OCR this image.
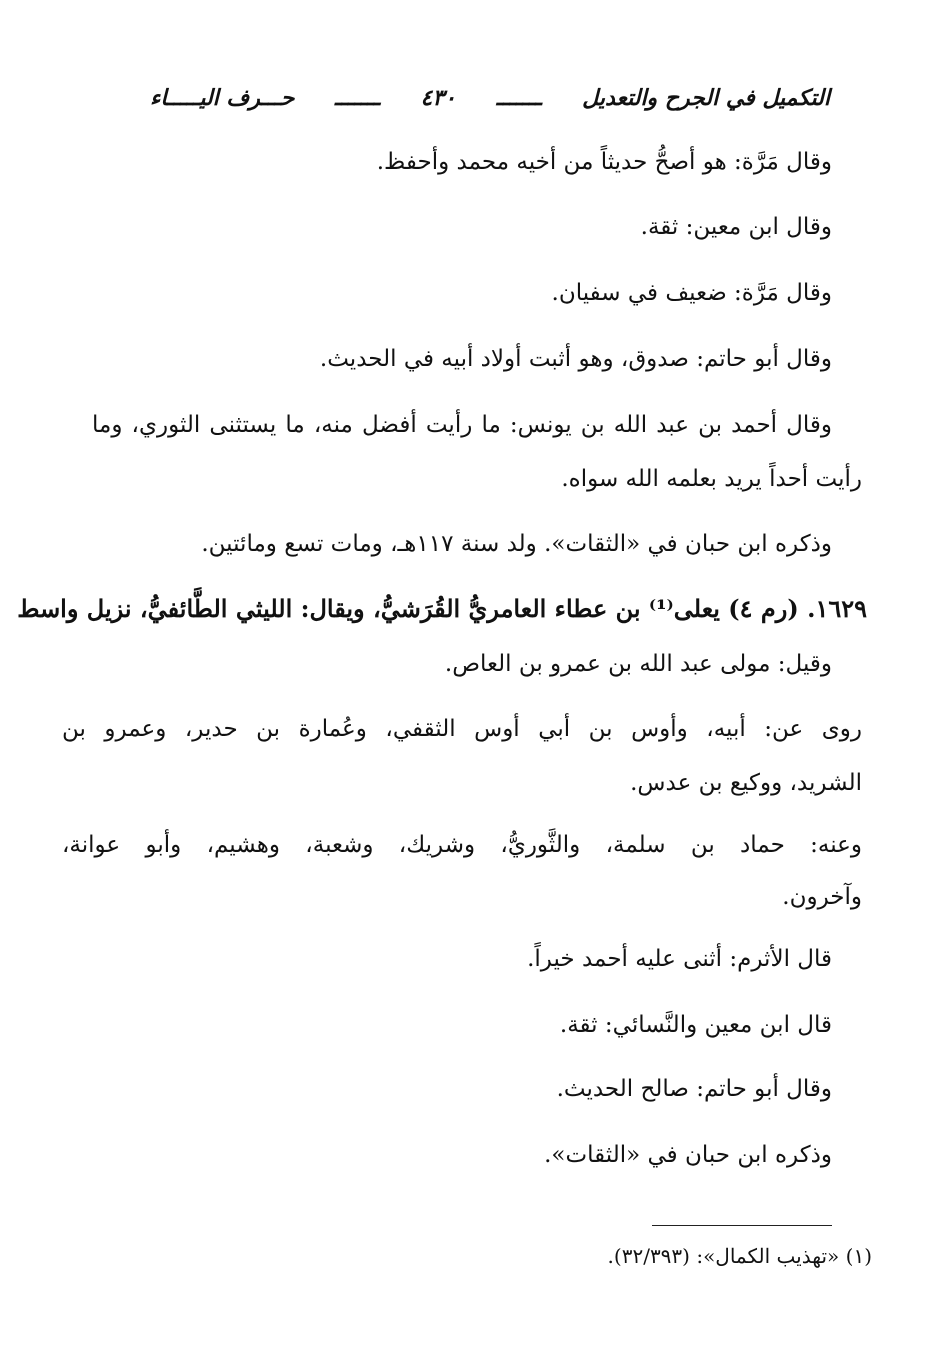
التكميل في الجرح والتعديل
ـــــــ
٤٣٠
ـــــــ
حـــرف اليـــــاء
وقال مَرَّة: هو أصحُّ حديثاً من أخيه محمد وأحفظ.
وقال ابن معين: ثقة.
وقال مَرَّة: ضعيف في سفيان.
وقال أبو حاتم: صدوق، وهو أثبت أولاد أبيه في الحديث.
وقال أحمد بن عبد الله بن يونس: ما رأيت أفضل منه، ما يستثنى الثوري، وما
رأيت أحداً يريد بعلمه الله سواه.
وذكره ابن حبان في «الثقات». ولد سنة ١١٧هـ، ومات تسع ومائتين.
١٦٢٩. (رم ٤) يعلى⁽¹⁾ بن عطاء العامريُّ القُرَشيُّ، ويقال: الليثي الطَّائفيُّ، نزيل واسط
وقيل: مولى عبد الله بن عمرو بن العاص.
روى عن: أبيه، وأوس بن أبي أوس الثقفي، وعُمارة بن حدير، وعمرو بن
الشريد، ووكيع بن عدس.
وعنه: حماد بن سلمة، والثَّوريُّ، وشريك، وشعبة، وهشيم، وأبو عوانة،
وآخرون.
قال الأثرم: أثنى عليه أحمد خيراً.
قال ابن معين والنَّسائي: ثقة.
وقال أبو حاتم: صالح الحديث.
وذكره ابن حبان في «الثقات».
(١) «تهذيب الكمال»: (٣٢/٣٩٣).
